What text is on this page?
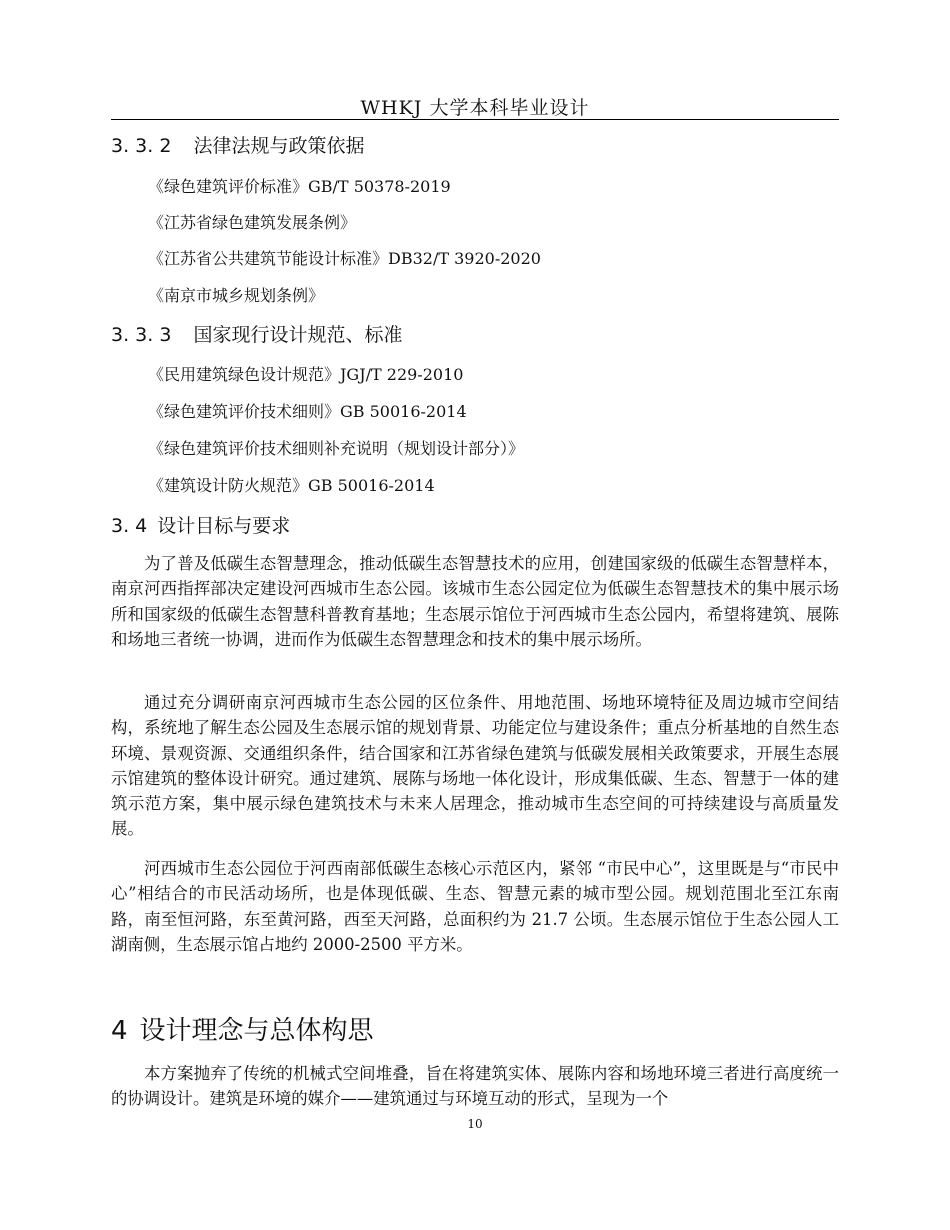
WHKJ 大学本科毕业设计
3. 3. 2 法律法规与政策依据
《绿色建筑评价标准》GB/T 50378-2019
《江苏省绿色建筑发展条例》
《江苏省公共建筑节能设计标准》DB32/T 3920-2020
《南京市城乡规划条例》
3. 3. 3 国家现行设计规范、标准
《民用建筑绿色设计规范》JGJ/T 229-2010
《绿色建筑评价技术细则》GB 50016-2014
《绿色建筑评价技术细则补充说明（规划设计部分）》
《建筑设计防火规范》GB 50016-2014
3. 4 设计目标与要求

为了普及低碳生态智慧理念，推动低碳生态智慧技术的应用，创建国家级的低碳生态智慧样本，南京河西指挥部决定建设河西城市生态公园。该城市生态公园定位为低碳生态智慧技术的集中展示场所和国家级的低碳生态智慧科普教育基地；生态展示馆位于河西城市生态公园内，希望将建筑、展陈和场地三者统一协调，进而作为低碳生态智慧理念和技术的集中展示场所。

通过充分调研南京河西城市生态公园的区位条件、用地范围、场地环境特征及周边城市空间结构，系统地了解生态公园及生态展示馆的规划背景、功能定位与建设条件；重点分析基地的自然生态环境、景观资源、交通组织条件，结合国家和江苏省绿色建筑与低碳发展相关政策要求，开展生态展示馆建筑的整体设计研究。通过建筑、展陈与场地一体化设计，形成集低碳、生态、智慧于一体的建筑示范方案，集中展示绿色建筑技术与未来人居理念，推动城市生态空间的可持续建设与高质量发展。

河西城市生态公园位于河西南部低碳生态核心示范区内，紧邻 “市民中心”，这里既是与“市民中心”相结合的市民活动场所，也是体现低碳、生态、智慧元素的城市型公园。规划范围北至江东南路，南至恒河路，东至黄河路，西至天河路，总面积约为 21.7 公顷。生态展示馆位于生态公园人工湖南侧，生态展示馆占地约 2000-2500 平方米。

4 设计理念与总体构思

本方案抛弃了传统的机械式空间堆叠，旨在将建筑实体、展陈内容和场地环境三者进行高度统一的协调设计。建筑是环境的媒介——建筑通过与环境互动的形式，呈现为一个

10
